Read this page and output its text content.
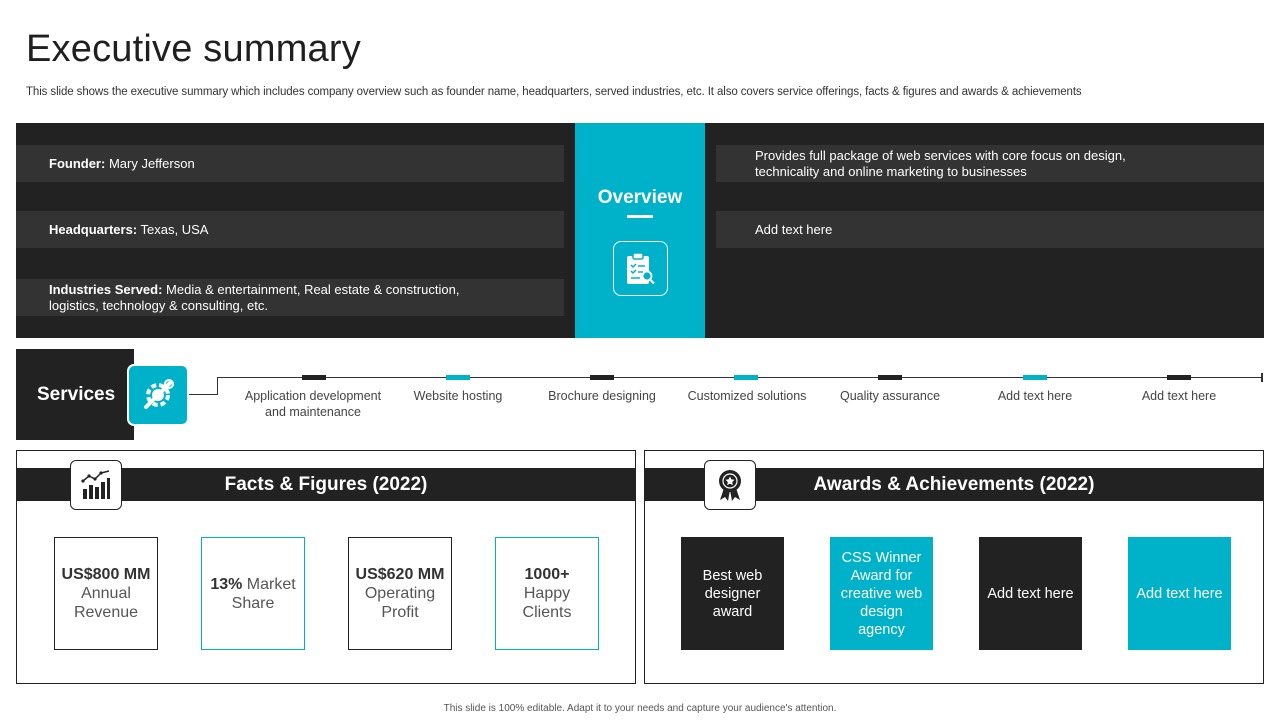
Executive summary
This slide shows the executive summary which includes company overview such as founder name, headquarters, served industries, etc. It also covers service offerings, facts & figures and awards & achievements
Founder: Mary Jefferson
Headquarters: Texas, USA
Industries Served: Media & entertainment, Real estate & construction, logistics, technology & consulting, etc.
Overview
Provides full package of web services with core focus on design, technicality and online marketing to businesses
Add text here
Services	Application development and maintenance
Website hosting	Brochure designing	Customized solutions	Quality assurance	Add text here	Add text here
Facts & Figures (2022)
US$800 MM Annual Revenue
13% Market Share
US$620 MM Operating Profit
1000+ Happy Clients
Awards & Achievements (2022)
Best web designer award
CSS Winner Award for creative web design agency
Add text here	Add text here
This slide is 100% editable. Adapt it to your needs and capture your audience's attention.
